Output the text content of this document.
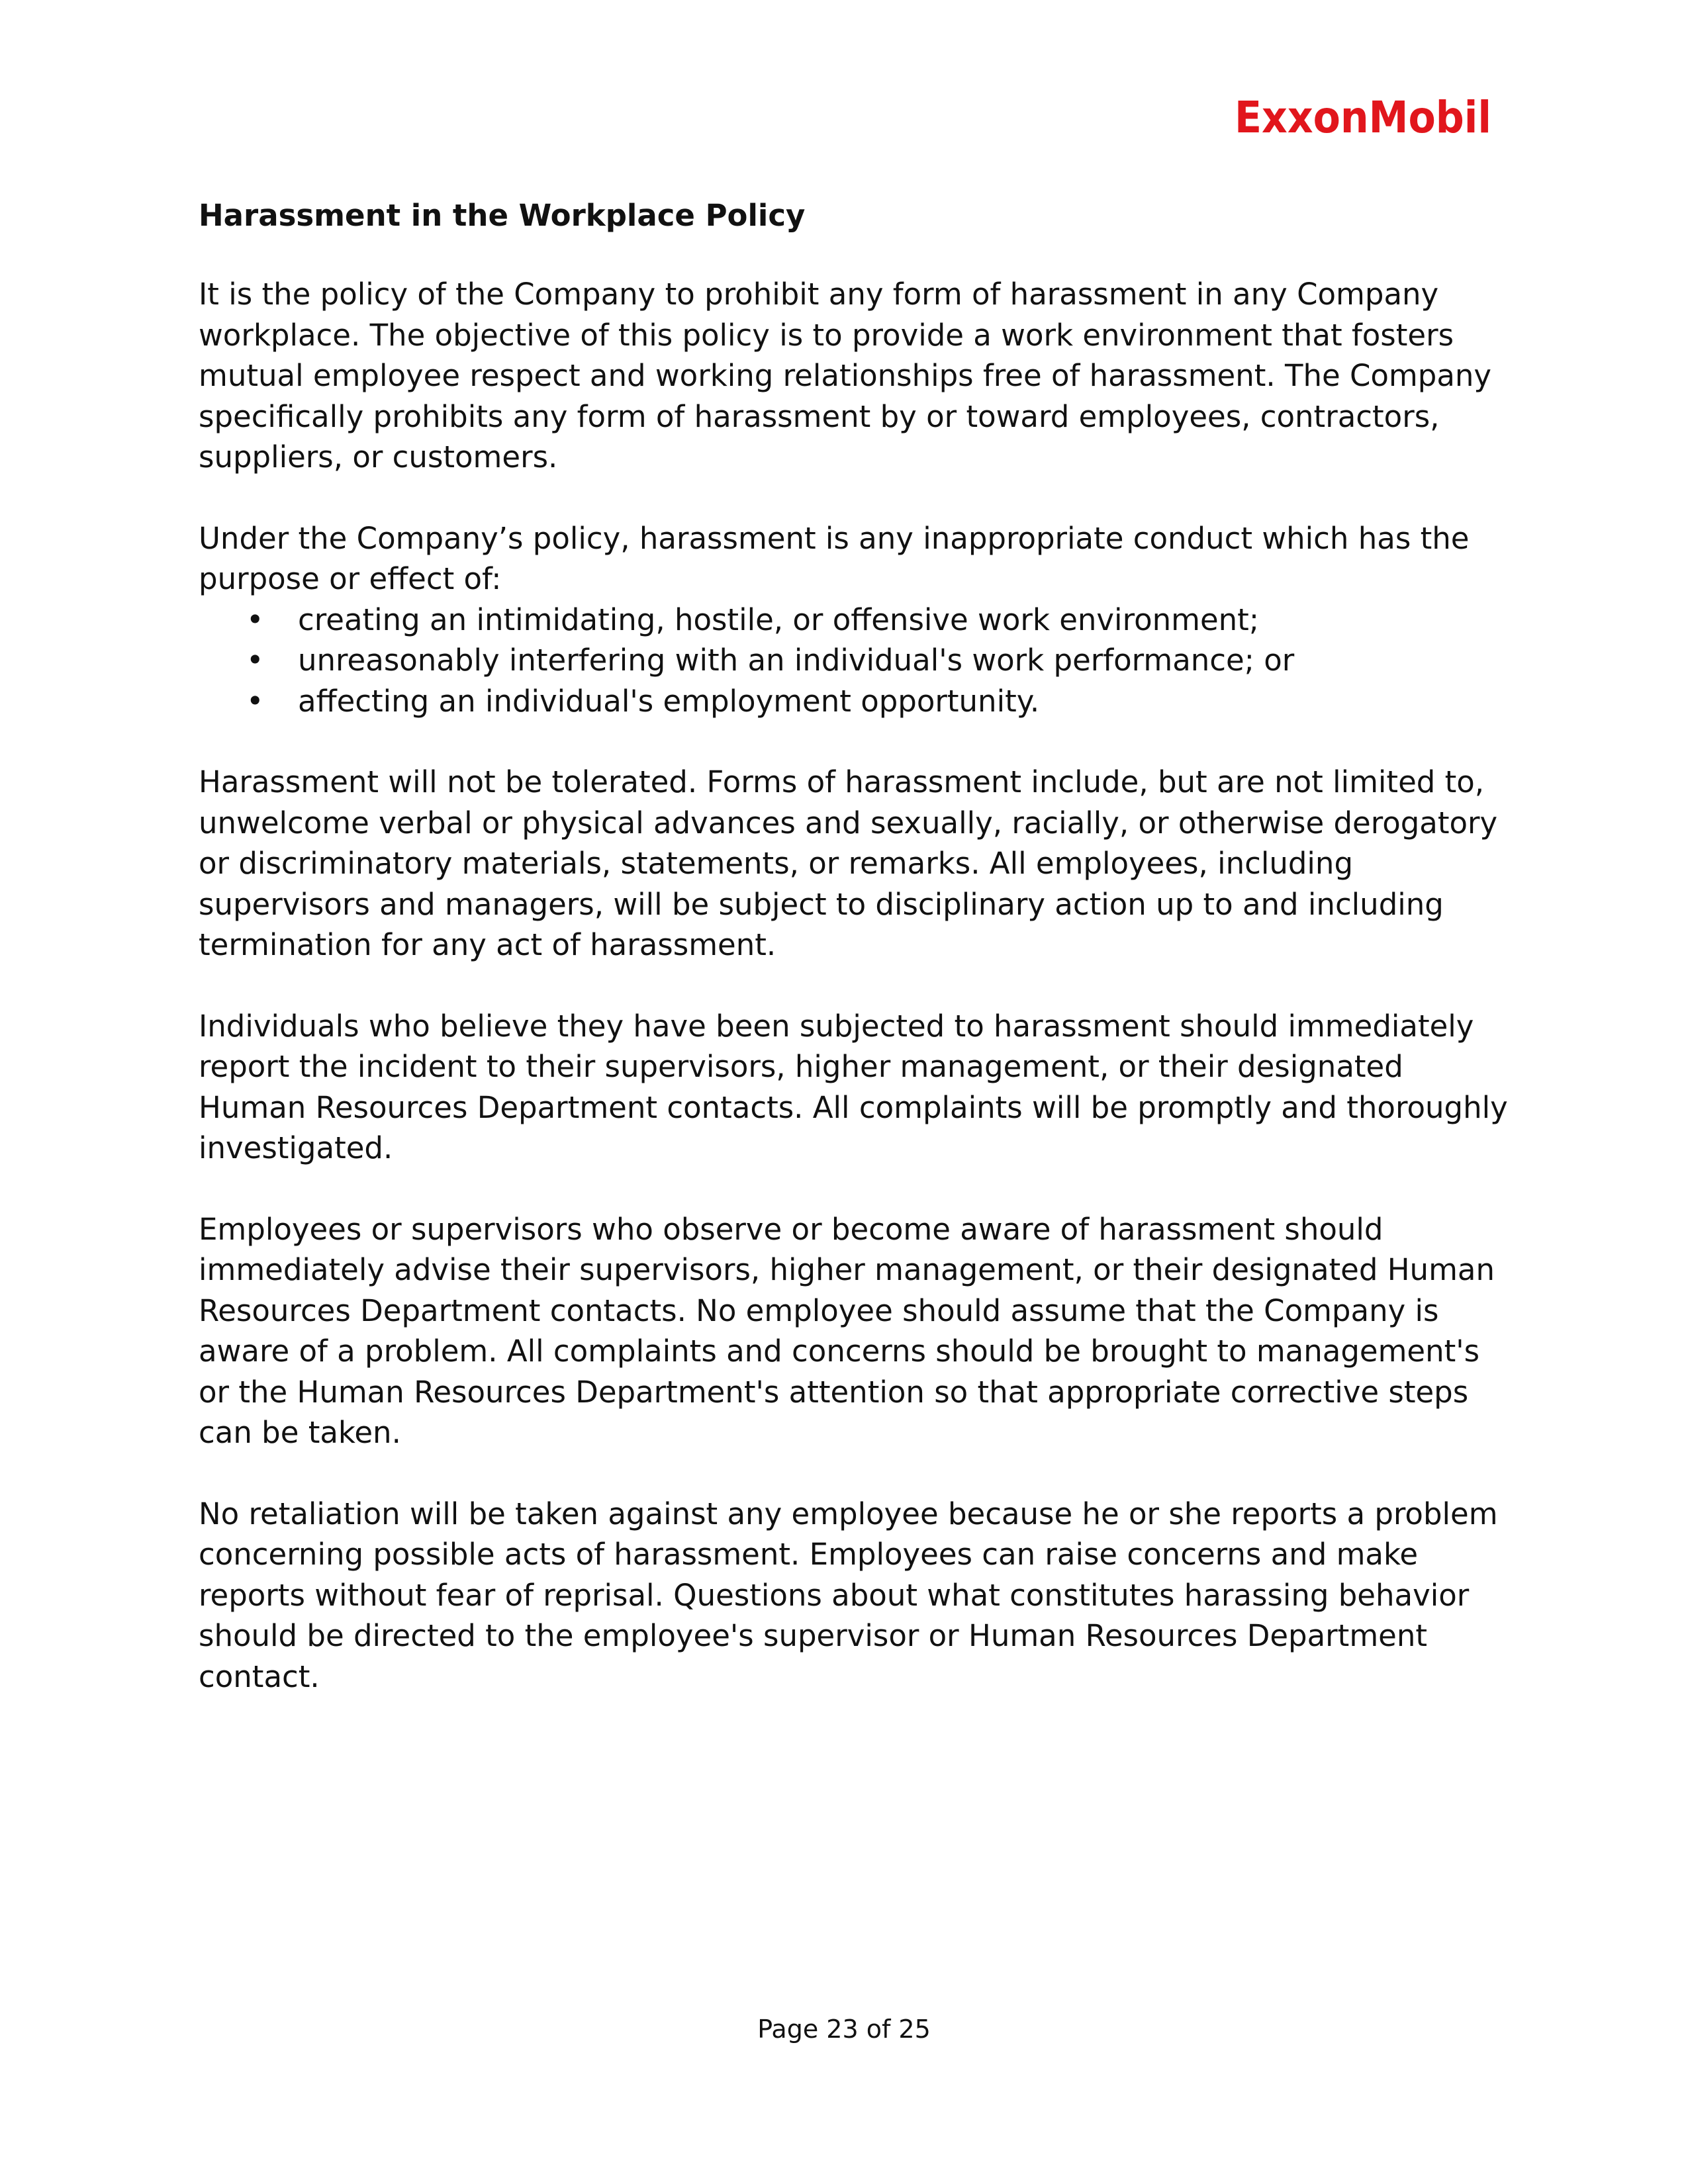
ExxonMobil
Harassment in the Workplace Policy

It is the policy of the Company to prohibit any form of harassment in any Company workplace. The objective of this policy is to provide a work environment that fosters mutual employee respect and working relationships free of harassment. The Company specifically prohibits any form of harassment by or toward employees, contractors, suppliers, or customers.

Under the Company’s policy, harassment is any inappropriate conduct which has the purpose or effect of:

• creating an intimidating, hostile, or offensive work environment;
• unreasonably interfering with an individual's work performance; or
• affecting an individual's employment opportunity.

Harassment will not be tolerated. Forms of harassment include, but are not limited to, unwelcome verbal or physical advances and sexually, racially, or otherwise derogatory or discriminatory materials, statements, or remarks. All employees, including supervisors and managers, will be subject to disciplinary action up to and including termination for any act of harassment.

Individuals who believe they have been subjected to harassment should immediately report the incident to their supervisors, higher management, or their designated Human Resources Department contacts. All complaints will be promptly and thoroughly investigated.

Employees or supervisors who observe or become aware of harassment should immediately advise their supervisors, higher management, or their designated Human Resources Department contacts. No employee should assume that the Company is aware of a problem. All complaints and concerns should be brought to management's or the Human Resources Department's attention so that appropriate corrective steps can be taken.

No retaliation will be taken against any employee because he or she reports a problem concerning possible acts of harassment. Employees can raise concerns and make reports without fear of reprisal. Questions about what constitutes harassing behavior should be directed to the employee's supervisor or Human Resources Department contact.

Page 23 of 25
